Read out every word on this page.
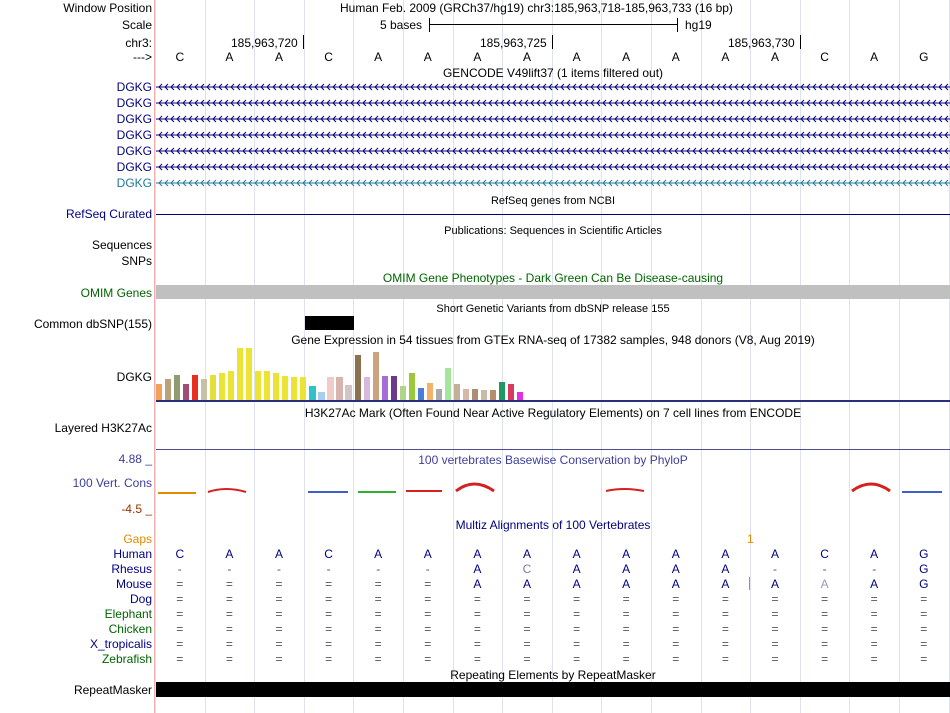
Window Position	Human Feb. 2009 (GRCh37/hg19) chr3:185,963,718-185,963,733 (16 bp)
Scale	5 bases	hg19
chr3:	185,963,720	185,963,725	185,963,730
--->	C	A	A	C	A	A	A	A	A	A	A	A	A	C	A	G
GENCODE V49lift37 (1 items filtered out)
DGKG
DGKG
DGKG
DGKG
DGKG
DGKG
DGKG
RefSeq genes from NCBI
RefSeq Curated
Publications: Sequences in Scientific Articles
Sequences
SNPs
OMIM Gene Phenotypes - Dark Green Can Be Disease-causing
OMIM Genes
Short Genetic Variants from dbSNP release 155
Common dbSNP(155)
Gene Expression in 54 tissues from GTEx RNA-seq of 17382 samples, 948 donors (V8, Aug 2019)
DGKG
H3K27Ac Mark (Often Found Near Active Regulatory Elements) on 7 cell lines from ENCODE
Layered H3K27Ac
4.88 _	100 vertebrates Basewise Conservation by PhyloP
100 Vert. Cons
-4.5 _
Multiz Alignments of 100 Vertebrates
Gaps	1
Human	C	A	A	C	A	A	A	A	A	A	A	A	A	C	A	G
Rhesus	-	-	-	-	-	-	A	C	A	A	A	A	-	-	-	G
Mouse	=	=	=	=	=	=	A	A	A	A	A	A	A	A	A	G
Dog	=	=	=	=	=	=	=	=	=	=	=	=	=	=	=	=
Elephant	=	=	=	=	=	=	=	=	=	=	=	=	=	=	=	=
Chicken	=	=	=	=	=	=	=	=	=	=	=	=	=	=	=	=
X_tropicalis	=	=	=	=	=	=	=	=	=	=	=	=	=	=	=	=
Zebrafish	=	=	=	=	=	=	=	=	=	=	=	=	=	=	=	=
RepeatMasker
Repeating Elements by RepeatMasker
